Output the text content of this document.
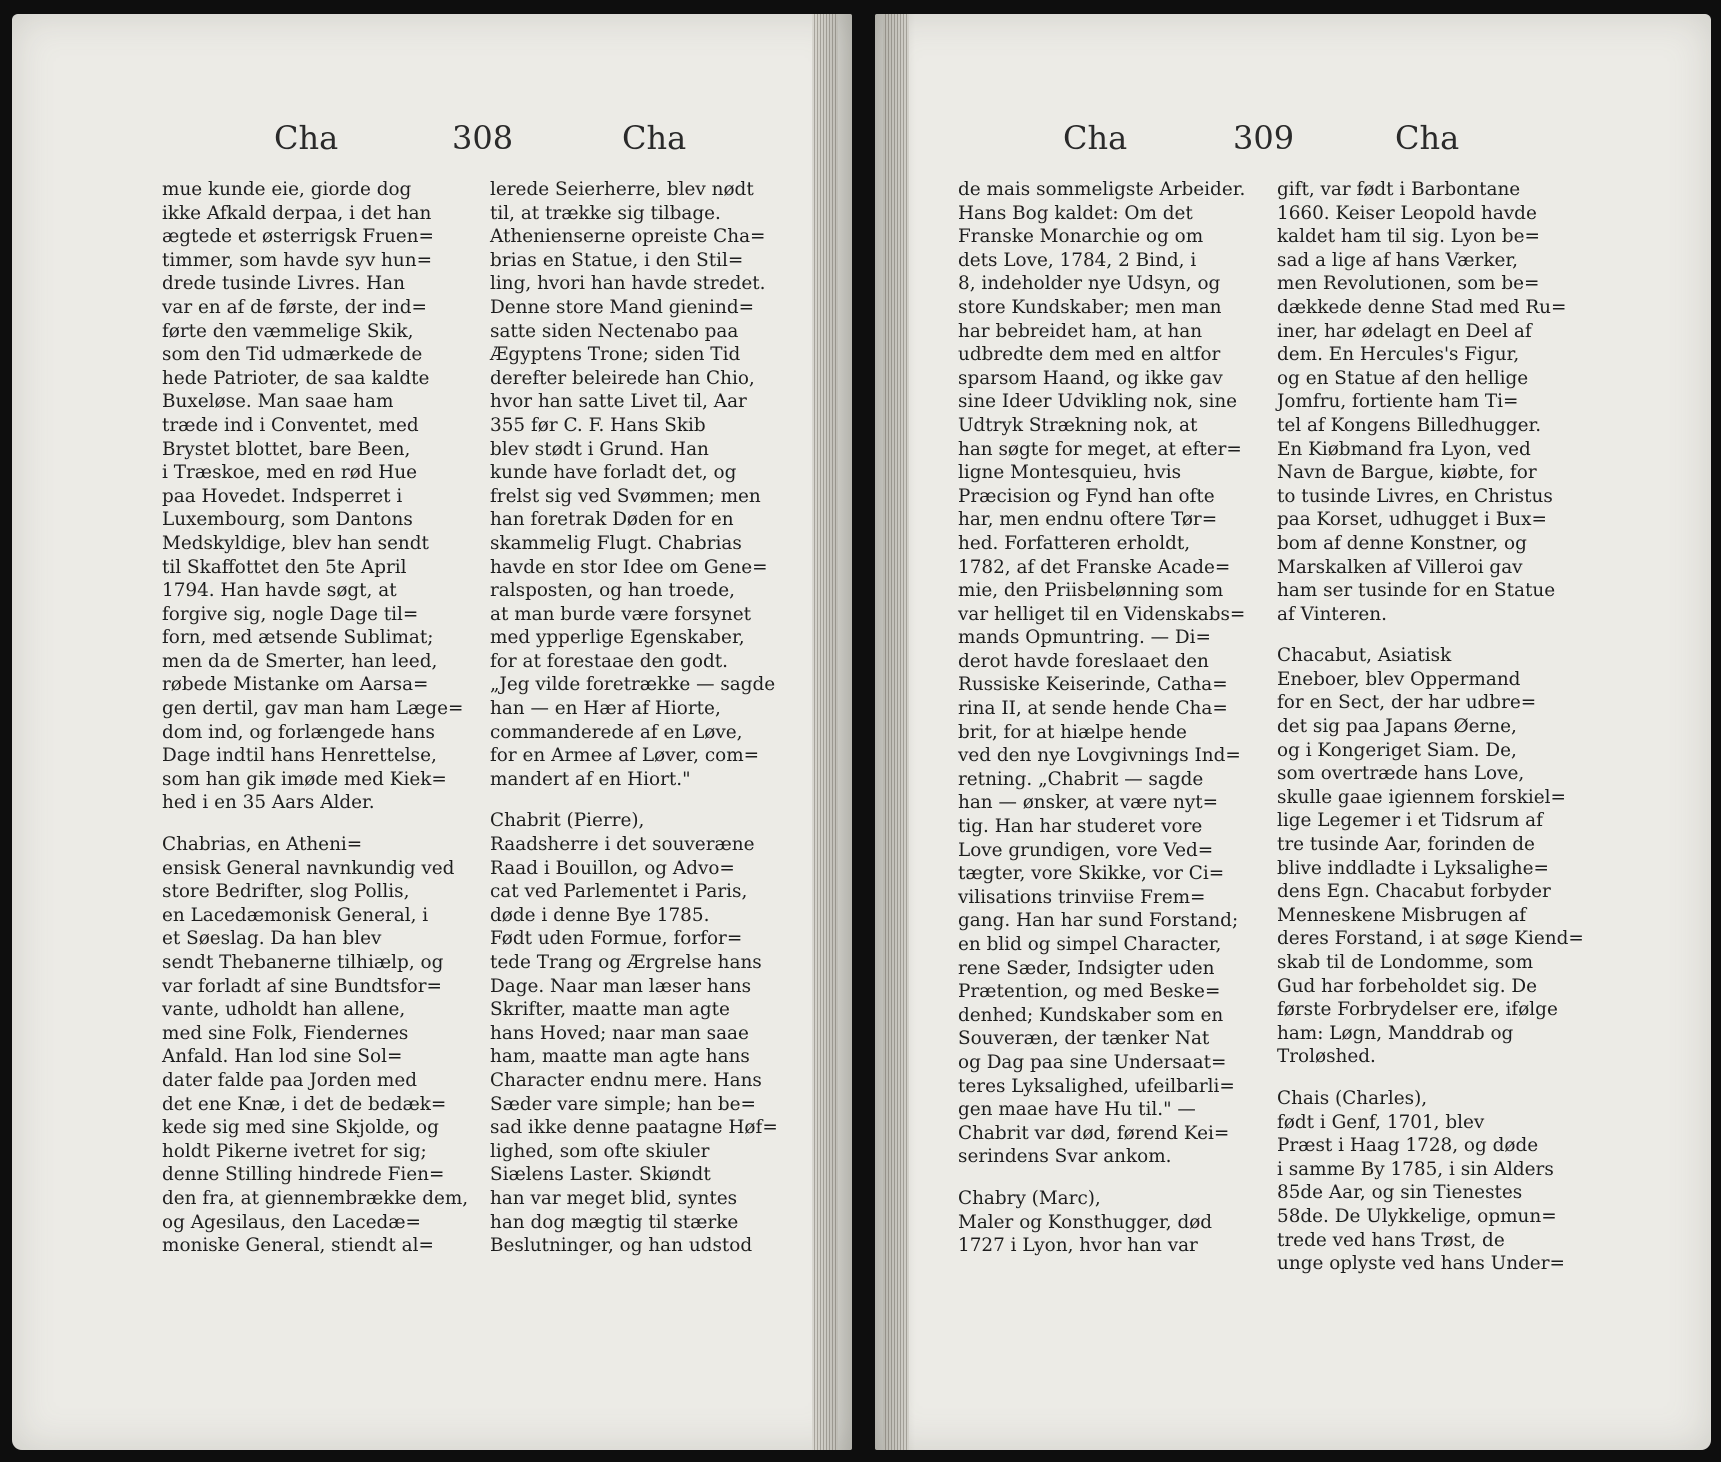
Cha	308	Cha

mue kunde eie, giorde dog

ikke Afkald derpaa, i det han

ægtede et østerrigsk Fruen=

timmer, som havde syv hun=

drede tusinde Livres. Han

var en af de første, der ind=

førte den væmmelige Skik,

som den Tid udmærkede de

hede Patrioter, de saa kaldte

Buxeløse. Man saae ham

træde ind i Conventet, med

Brystet blottet, bare Been,

i Træskoe, med en rød Hue

paa Hovedet. Indsperret i

Luxembourg, som Dantons

Medskyldige, blev han sendt

til Skaffottet den 5te April

1794. Han havde søgt, at

forgive sig, nogle Dage til=

forn, med ætsende Sublimat;

men da de Smerter, han leed,

røbede Mistanke om Aarsa=

gen dertil, gav man ham Læge=

dom ind, og forlængede hans

Dage indtil hans Henrettelse,

som han gik imøde med Kiek=

hed i en 35 Aars Alder.

Chabrias, en Atheni=

ensisk General navnkundig ved

store Bedrifter, slog Pollis,

en Lacedæmonisk General, i

et Søeslag. Da han blev

sendt Thebanerne tilhiælp, og

var forladt af sine Bundtsfor=

vante, udholdt han allene,

med sine Folk, Fiendernes

Anfald. Han lod sine Sol=

dater falde paa Jorden med

det ene Knæ, i det de bedæk=

kede sig med sine Skjolde, og

holdt Pikerne ivetret for sig;

denne Stilling hindrede Fien=

den fra, at giennembrække dem,

og Agesilaus, den Lacedæ=

moniske General, stiendt al=

lerede Seierherre, blev nødt

til, at trække sig tilbage.

Athenienserne opreiste Cha=

brias en Statue, i den Stil=

ling, hvori han havde stredet.

Denne store Mand gienind=

satte siden Nectenabo paa

Ægyptens Trone; siden Tid

derefter beleirede han Chio,

hvor han satte Livet til, Aar

355 før C. F. Hans Skib

blev stødt i Grund. Han

kunde have forladt det, og

frelst sig ved Svømmen; men

han foretrak Døden for en

skammelig Flugt. Chabrias

havde en stor Idee om Gene=

ralsposten, og han troede,

at man burde være forsynet

med ypperlige Egenskaber,

for at forestaae den godt.

„Jeg vilde foretrække — sagde

han — en Hær af Hiorte,

commanderede af en Løve,

for en Armee af Løver, com=

mandert af en Hiort."

Chabrit (Pierre),

Raadsherre i det souveræne

Raad i Bouillon, og Advo=

cat ved Parlementet i Paris,

døde i denne Bye 1785.

Født uden Formue, forfor=

tede Trang og Ærgrelse hans

Dage. Naar man læser hans

Skrifter, maatte man agte

hans Hoved; naar man saae

ham, maatte man agte hans

Character endnu mere. Hans

Sæder vare simple; han be=

sad ikke denne paatagne Høf=

lighed, som ofte skiuler

Siælens Laster. Skiøndt

han var meget blid, syntes

han dog mægtig til stærke

Beslutninger, og han udstod

Cha	309	Cha

de mais sommeligste Arbeider.

Hans Bog kaldet: Om det

Franske Monarchie og om

dets Love, 1784, 2 Bind, i

8, indeholder nye Udsyn, og

store Kundskaber; men man

har bebreidet ham, at han

udbredte dem med en altfor

sparsom Haand, og ikke gav

sine Ideer Udvikling nok, sine

Udtryk Strækning nok, at

han søgte for meget, at efter=

ligne Montesquieu, hvis

Præcision og Fynd han ofte

har, men endnu oftere Tør=

hed. Forfatteren erholdt,

1782, af det Franske Acade=

mie, den Priisbelønning som

var helliget til en Videnskabs=

mands Opmuntring. — Di=

derot havde foreslaaet den

Russiske Keiserinde, Catha=

rina II, at sende hende Cha=

brit, for at hiælpe hende

ved den nye Lovgivnings Ind=

retning. „Chabrit — sagde

han — ønsker, at være nyt=

tig. Han har studeret vore

Love grundigen, vore Ved=

tægter, vore Skikke, vor Ci=

vilisations trinviise Frem=

gang. Han har sund Forstand;

en blid og simpel Character,

rene Sæder, Indsigter uden

Prætention, og med Beske=

denhed; Kundskaber som en

Souveræn, der tænker Nat

og Dag paa sine Undersaat=

teres Lyksalighed, ufeilbarli=

gen maae have Hu til." —

Chabrit var død, førend Kei=

serindens Svar ankom.

Chabry (Marc),

Maler og Konsthugger, død

1727 i Lyon, hvor han var

gift, var født i Barbontane

1660. Keiser Leopold havde

kaldet ham til sig. Lyon be=

sad a lige af hans Værker,

men Revolutionen, som be=

dækkede denne Stad med Ru=

iner, har ødelagt en Deel af

dem. En Hercules's Figur,

og en Statue af den hellige

Jomfru, fortiente ham Ti=

tel af Kongens Billedhugger.

En Kiøbmand fra Lyon, ved

Navn de Bargue, kiøbte, for

to tusinde Livres, en Christus

paa Korset, udhugget i Bux=

bom af denne Konstner, og

Marskalken af Villeroi gav

ham ser tusinde for en Statue

af Vinteren.

Chacabut, Asiatisk

Eneboer, blev Oppermand

for en Sect, der har udbre=

det sig paa Japans Øerne,

og i Kongeriget Siam. De,

som overtræde hans Love,

skulle gaae igiennem forskiel=

lige Legemer i et Tidsrum af

tre tusinde Aar, forinden de

blive inddladte i Lyksalighe=

dens Egn. Chacabut forbyder

Menneskene Misbrugen af

deres Forstand, i at søge Kiend=

skab til de Londomme, som

Gud har forbeholdet sig. De

første Forbrydelser ere, ifølge

ham: Løgn, Manddrab og

Troløshed.

Chais (Charles),

født i Genf, 1701, blev

Præst i Haag 1728, og døde

i samme By 1785, i sin Alders

85de Aar, og sin Tienestes

58de. De Ulykkelige, opmun=

trede ved hans Trøst, de

unge oplyste ved hans Under=
